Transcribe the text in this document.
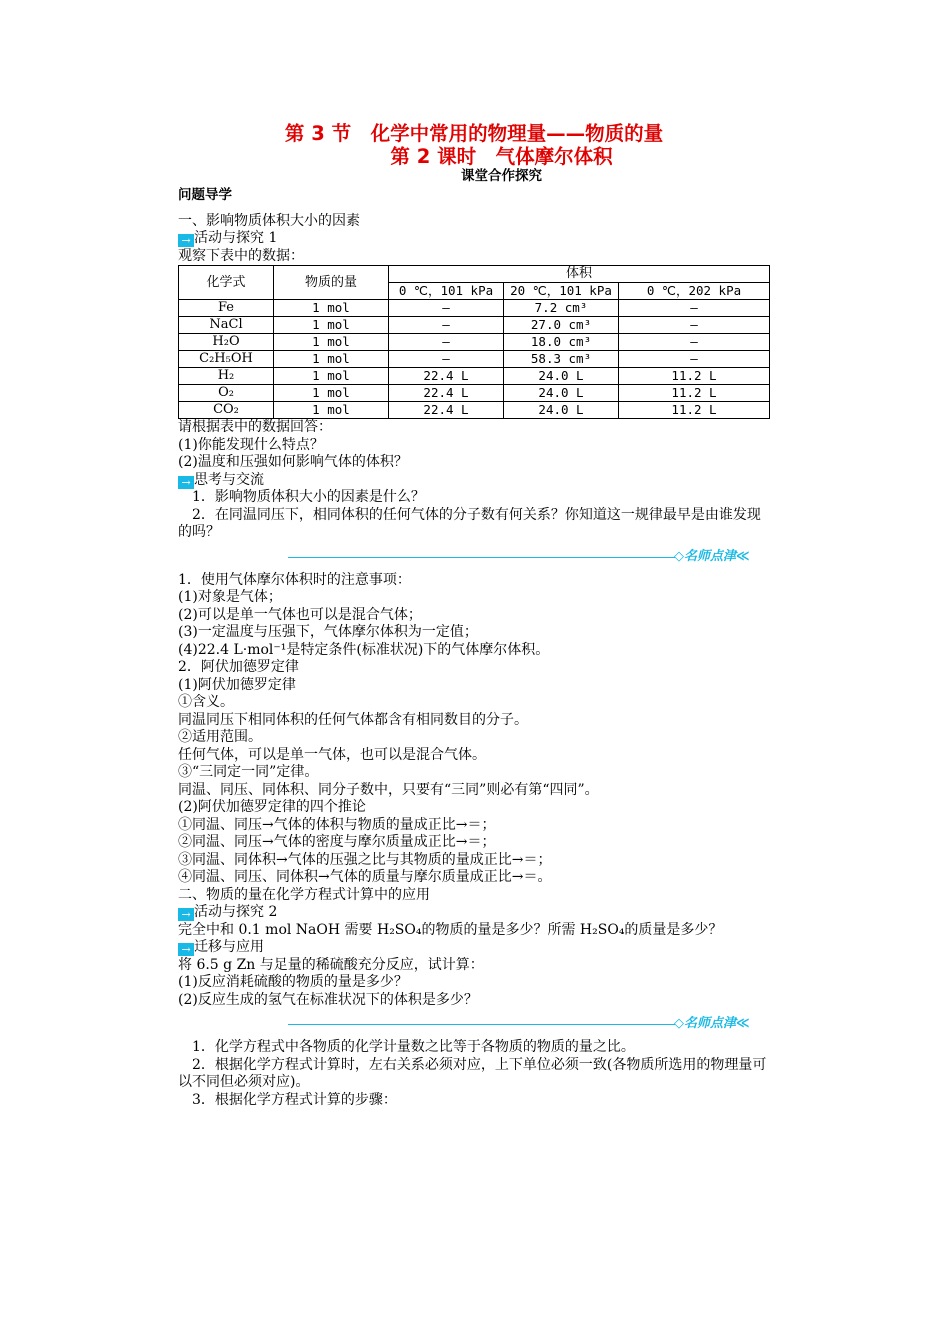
第 3 节　化学中常用的物理量——物质的量
第 2 课时　气体摩尔体积
课堂合作探究

问题导学

一、影响物质体积大小的因素

→ 活动与探究 1

观察下表中的数据：

化学式	物质的量	体积		
		0 ℃，101 kPa	20 ℃，101 kPa	0 ℃，202 kPa
Fe	1 mol	—	7.2 cm³	—
NaCl	1 mol	—	27.0 cm³	—
H₂O	1 mol	—	18.0 cm³	—
C₂H₅OH	1 mol	—	58.3 cm³	—
H₂	1 mol	22.4 L	24.0 L	11.2 L
O₂	1 mol	22.4 L	24.0 L	11.2 L
CO₂	1 mol	22.4 L	24.0 L	11.2 L

请根据表中的数据回答：

(1)你能发现什么特点？

(2)温度和压强如何影响气体的体积？

→ 思考与交流

1．影响物质体积大小的因素是什么？

2．在同温同压下，相同体积的任何气体的分子数有何关系？你知道这一规律最早是由谁发现的吗？

◇名师点津≪

1．使用气体摩尔体积时的注意事项：

(1)对象是气体；

(2)可以是单一气体也可以是混合气体；

(3)一定温度与压强下，气体摩尔体积为一定值；

(4)22.4 L·mol⁻¹是特定条件(标准状况)下的气体摩尔体积。

2．阿伏加德罗定律

(1)阿伏加德罗定律

①含义。

同温同压下相同体积的任何气体都含有相同数目的分子。

②适用范围。

任何气体，可以是单一气体，也可以是混合气体。

③“三同定一同”定律。

同温、同压、同体积、同分子数中，只要有“三同”则必有第“四同”。

(2)阿伏加德罗定律的四个推论

①同温、同压→气体的体积与物质的量成正比→＝；

②同温、同压→气体的密度与摩尔质量成正比→＝；

③同温、同体积→气体的压强之比与其物质的量成正比→＝；

④同温、同压、同体积→气体的质量与摩尔质量成正比→＝。

二、物质的量在化学方程式计算中的应用

→ 活动与探究 2

完全中和 0.1 mol NaOH 需要 H₂SO₄的物质的量是多少？所需 H₂SO₄的质量是多少？

→ 迁移与应用

将 6.5 g Zn 与足量的稀硫酸充分反应，试计算：

(1)反应消耗硫酸的物质的量是多少？

(2)反应生成的氢气在标准状况下的体积是多少？

◇名师点津≪

1．化学方程式中各物质的化学计量数之比等于各物质的物质的量之比。

2．根据化学方程式计算时，左右关系必须对应，上下单位必须一致(各物质所选用的物理量可以不同但必须对应)。

3．根据化学方程式计算的步骤：
